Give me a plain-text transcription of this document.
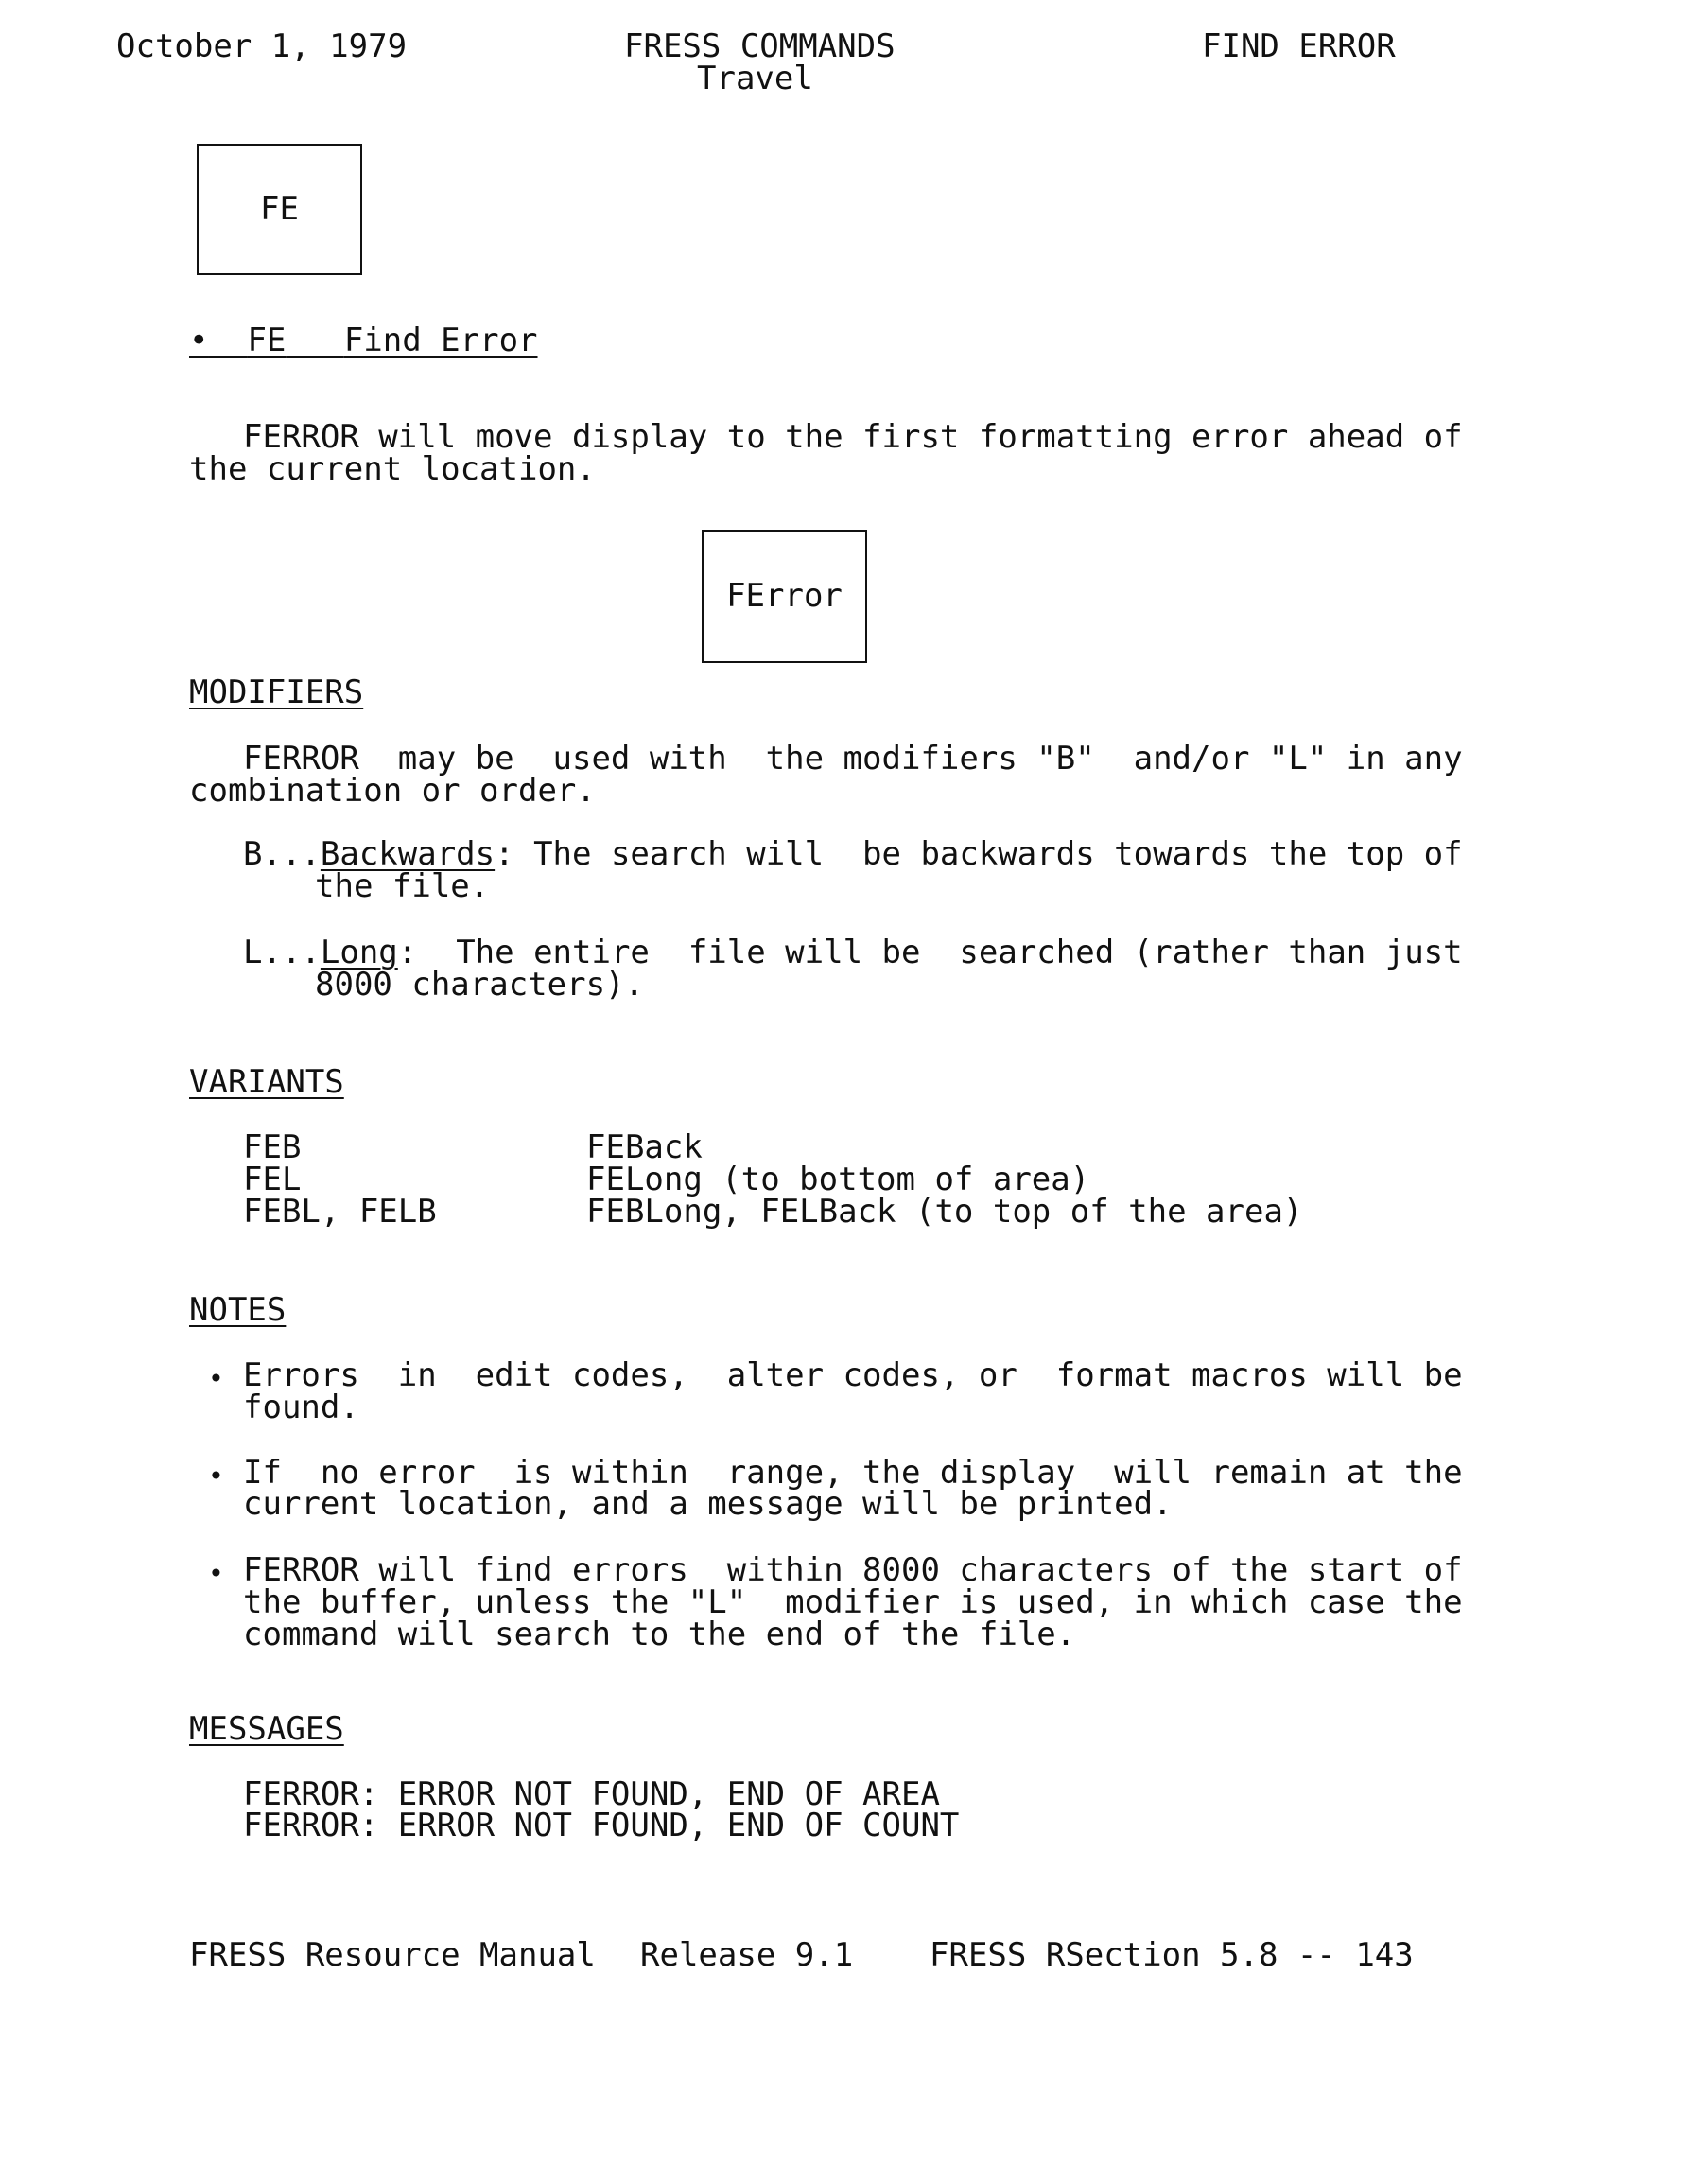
October 1, 1979	FRESS COMMANDS
Travel
FIND ERROR
FE
• FE Find Error
FERROR will move display to the first formatting error ahead of
the current location.
FError
MODIFIERS
FERROR  may be  used with  the modifiers "B"  and/or "L" in any
combination or order.
B...Backwards: The search will  be backwards towards the top of
the file.
L...Long:  The entire  file will be  searched (rather than just
8000 characters).
VARIANTS
FEB	FEBack
FEL	FELong (to bottom of area)
FEBL, FELB	FEBLong, FELBack (to top of the area)
NOTES
• Errors  in  edit codes,  alter codes, or  format macros will be
found.
• If  no error  is within  range, the display  will remain at the
current location, and a message will be printed.
• FERROR will find errors  within 8000 characters of the start of
the buffer, unless the "L"  modifier is used, in which case the
command will search to the end of the file.
MESSAGES
FERROR: ERROR NOT FOUND, END OF AREA
FERROR: ERROR NOT FOUND, END OF COUNT
FRESS Resource Manual Release 9.1 FRESS RSection 5.8 -- 143
